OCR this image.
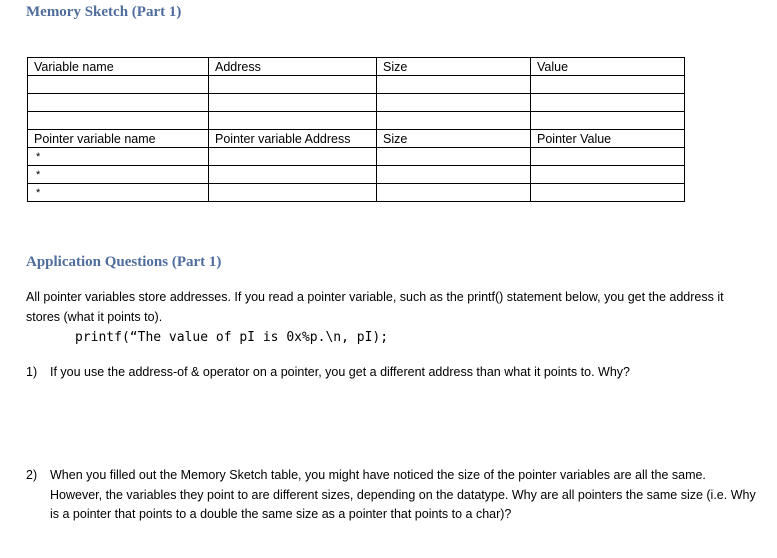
Memory Sketch (Part 1)
Variable name	Address	Size	Value

Pointer variable name	Pointer variable Address	Size	Pointer Value
*			
*			
*			
Application Questions (Part 1)

All pointer variables store addresses. If you read a pointer variable, such as the printf() statement below, you get the address it stores (what it points to).

printf(“The value of pI is 0x%p.\n, pI);

1) If you use the address-of & operator on a pointer, you get a different address than what it points to. Why?
2) When you filled out the Memory Sketch table, you might have noticed the size of the pointer variables are all the same. However, the variables they point to are different sizes, depending on the datatype. Why are all pointers the same size (i.e. Why is a pointer that points to a double the same size as a pointer that points to a char)?
